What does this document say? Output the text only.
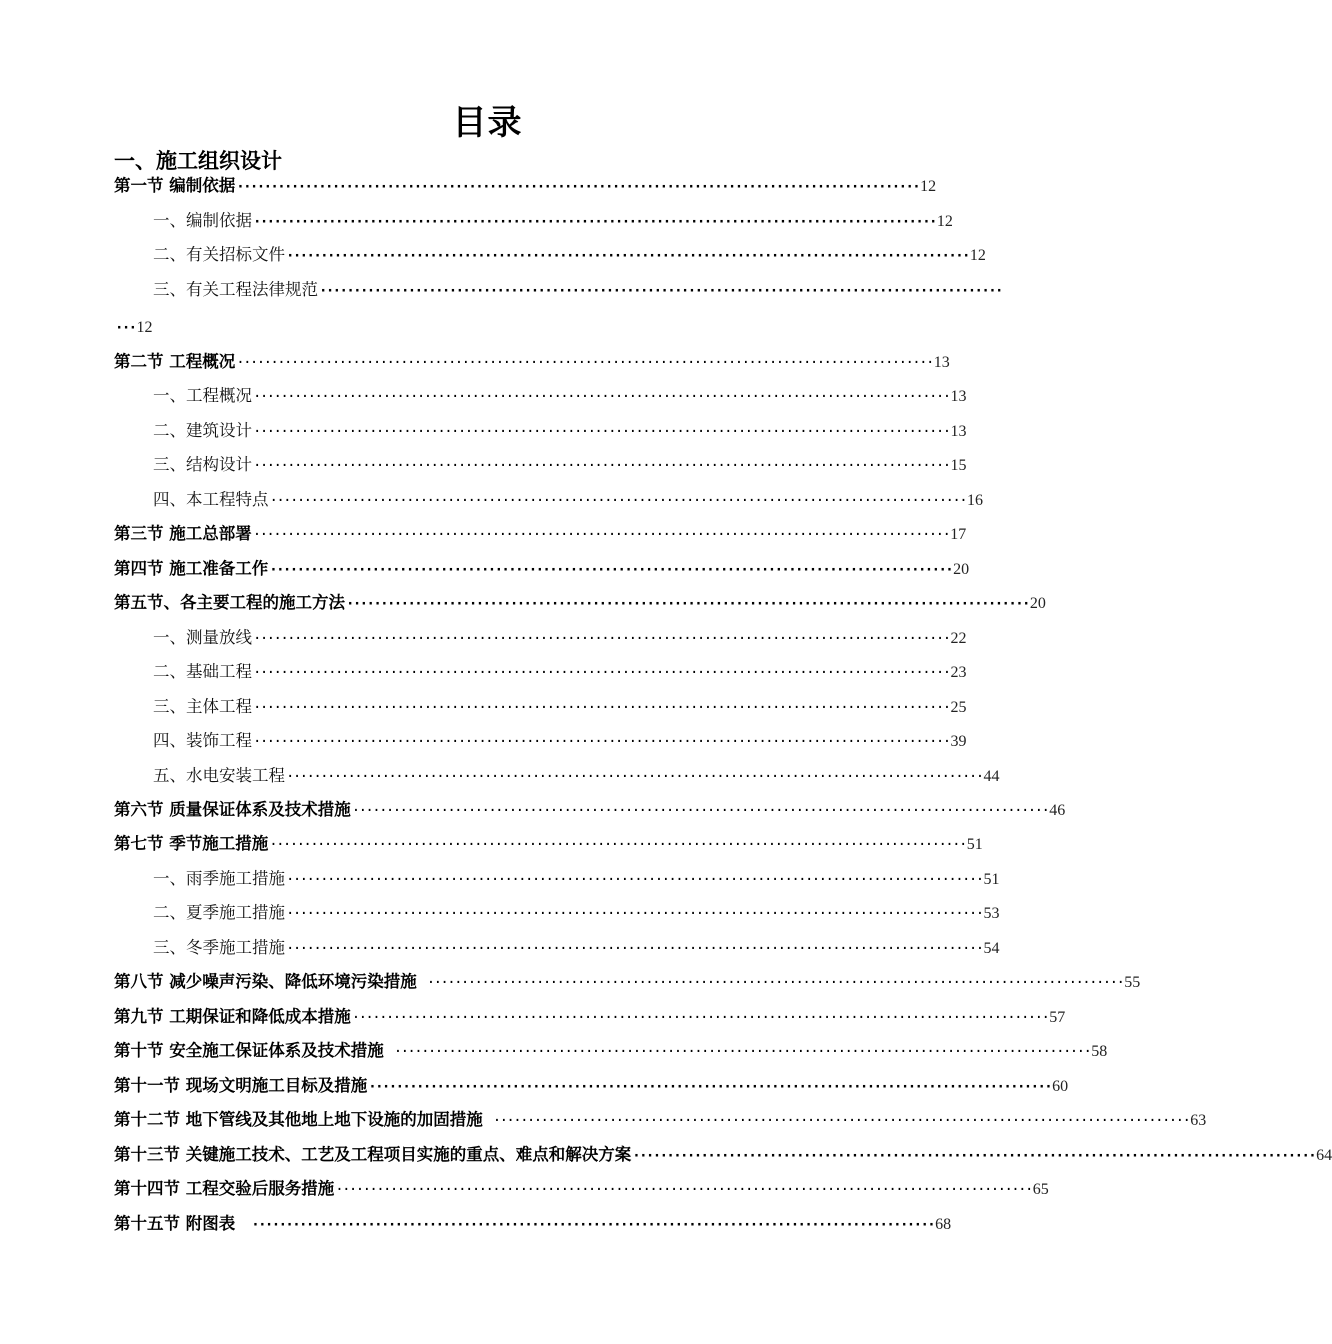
目录
一、施工组织设计
第一节 编制依据 ···································································································· 12
一、编制依据 ···································································································· 12
二、有关招标文件 ···································································································· 12
三、有关工程法律规范 ····································································································
··· 12
第二节 工程概况 ······································································································ 13
一、工程概况 ······································································································ 13
二、建筑设计 ······································································································ 13
三、结构设计 ······································································································ 15
四、本工程特点 ······································································································ 16
第三节 施工总部署 ······································································································ 17
第四节 施工准备工作 ···································································································· 20
第五节、各主要工程的施工方法 ···································································································· 20
一、测量放线 ······································································································ 22
二、基础工程 ······································································································ 23
三、主体工程 ······································································································ 25
四、装饰工程 ······································································································ 39
五、水电安装工程 ······································································································ 44
第六节 质量保证体系及技术措施 ······································································································ 46
第七节 季节施工措施 ······································································································ 51
一、雨季施工措施 ······································································································ 51
二、夏季施工措施 ······································································································ 53
三、冬季施工措施 ······································································································ 54
第八节 减少噪声污染、降低环境污染措施 ······································································································ 55
第九节 工期保证和降低成本措施 ······································································································ 57
第十节 安全施工保证体系及技术措施 ······································································································ 58
第十一节 现场文明施工目标及措施 ···································································································· 60
第十二节 地下管线及其他地上地下设施的加固措施 ······································································································ 63
第十三节 关键施工技术、工艺及工程项目实施的重点、难点和解决方案 ···································································································· 64
第十四节 工程交验后服务措施 ······································································································ 65
第十五节 附图表	···································································································· 68
